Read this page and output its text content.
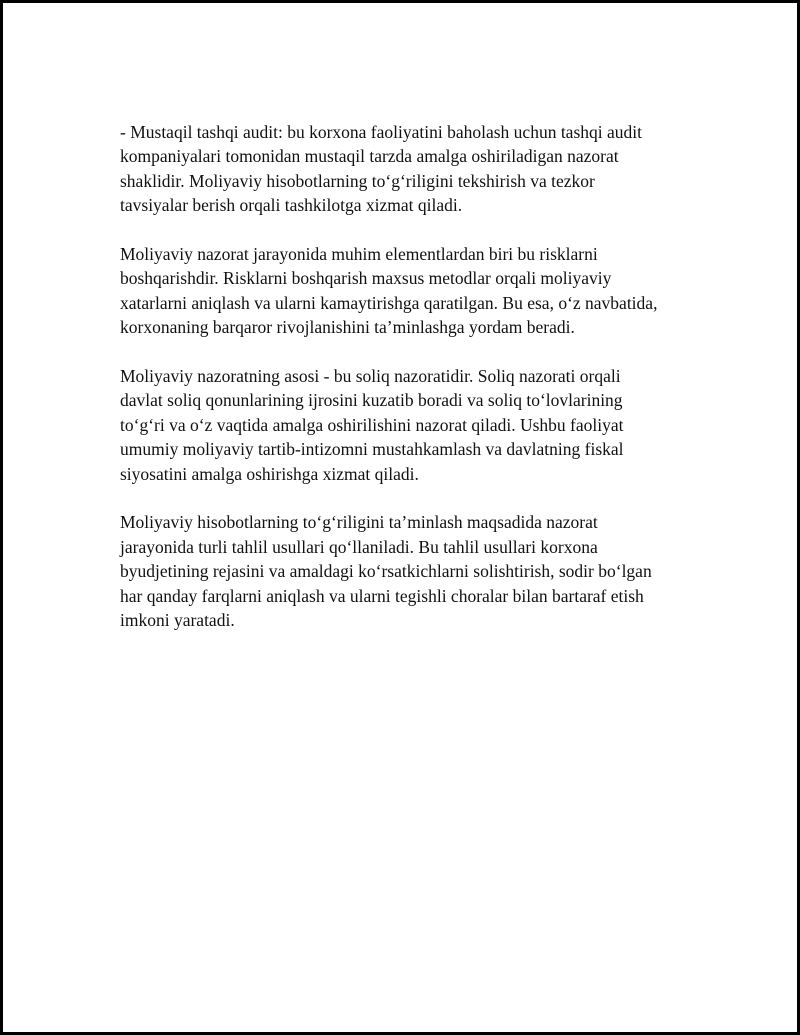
- Mustaqil tashqi audit: bu korxona faoliyatini baholash uchun tashqi audit
kompaniyalari tomonidan mustaqil tarzda amalga oshiriladigan nazorat
shaklidir. Moliyaviy hisobotlarning to‘g‘riligini tekshirish va tezkor
tavsiyalar berish orqali tashkilotga xizmat qiladi.

Moliyaviy nazorat jarayonida muhim elementlardan biri bu risklarni
boshqarishdir. Risklarni boshqarish maxsus metodlar orqali moliyaviy
xatarlarni aniqlash va ularni kamaytirishga qaratilgan. Bu esa, o‘z navbatida,
korxonaning barqaror rivojlanishini ta’minlashga yordam beradi.

Moliyaviy nazoratning asosi - bu soliq nazoratidir. Soliq nazorati orqali
davlat soliq qonunlarining ijrosini kuzatib boradi va soliq to‘lovlarining
to‘g‘ri va o‘z vaqtida amalga oshirilishini nazorat qiladi. Ushbu faoliyat
umumiy moliyaviy tartib-intizomni mustahkamlash va davlatning fiskal
siyosatini amalga oshirishga xizmat qiladi.

Moliyaviy hisobotlarning to‘g‘riligini ta’minlash maqsadida nazorat
jarayonida turli tahlil usullari qo‘llaniladi. Bu tahlil usullari korxona
byudjetining rejasini va amaldagi ko‘rsatkichlarni solishtirish, sodir bo‘lgan
har qanday farqlarni aniqlash va ularni tegishli choralar bilan bartaraf etish
imkoni yaratadi.
